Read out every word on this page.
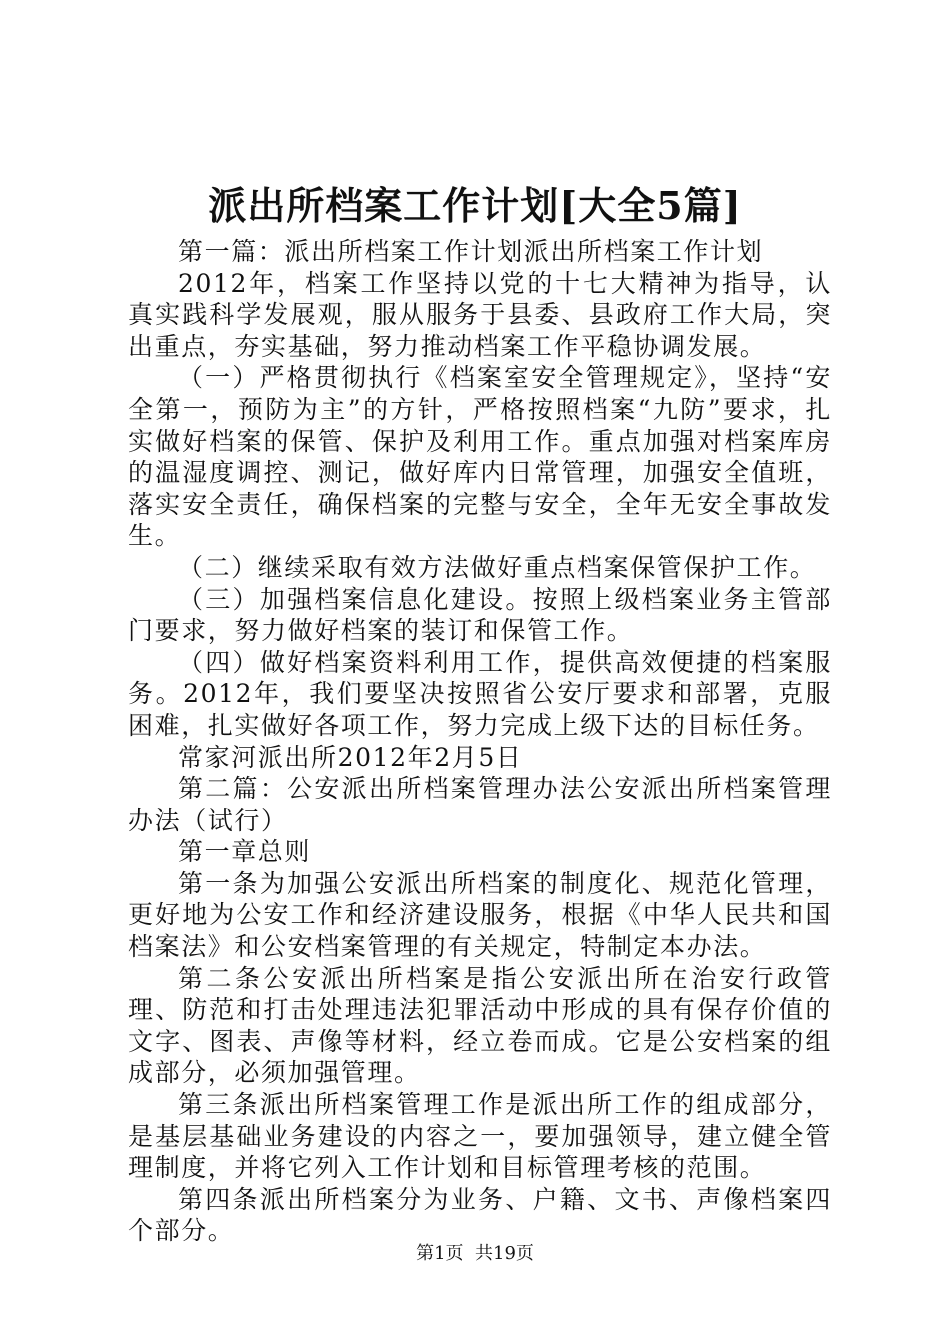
派出所档案工作计划[大全5篇]

第一篇：派出所档案工作计划派出所档案工作计划

2012年，档案工作坚持以党的十七大精神为指导，认真实践科学发展观，服从服务于县委、县政府工作大局，突出重点，夯实基础，努力推动档案工作平稳协调发展。

（一）严格贯彻执行《档案室安全管理规定》，坚持“安全第一，预防为主”的方针，严格按照档案“九防”要求，扎实做好档案的保管、保护及利用工作。重点加强对档案库房的温湿度调控、测记，做好库内日常管理，加强安全值班，落实安全责任，确保档案的完整与安全，全年无安全事故发生。

（二）继续采取有效方法做好重点档案保管保护工作。

（三）加强档案信息化建设。按照上级档案业务主管部门要求，努力做好档案的装订和保管工作。

（四）做好档案资料利用工作，提供高效便捷的档案服务。2012年，我们要坚决按照省公安厅要求和部署，克服困难，扎实做好各项工作，努力完成上级下达的目标任务。

常家河派出所2012年2月5日

第二篇：公安派出所档案管理办法公安派出所档案管理办法（试行）

第一章总则

第一条为加强公安派出所档案的制度化、规范化管理，更好地为公安工作和经济建设服务，根据《中华人民共和国档案法》和公安档案管理的有关规定，特制定本办法。

第二条公安派出所档案是指公安派出所在治安行政管理、防范和打击处理违法犯罪活动中形成的具有保存价值的文字、图表、声像等材料，经立卷而成。它是公安档案的组成部分，必须加强管理。

第三条派出所档案管理工作是派出所工作的组成部分，是基层基础业务建设的内容之一，要加强领导，建立健全管理制度，并将它列入工作计划和目标管理考核的范围。

第四条派出所档案分为业务、户籍、文书、声像档案四个部分。

第1页 共19页
